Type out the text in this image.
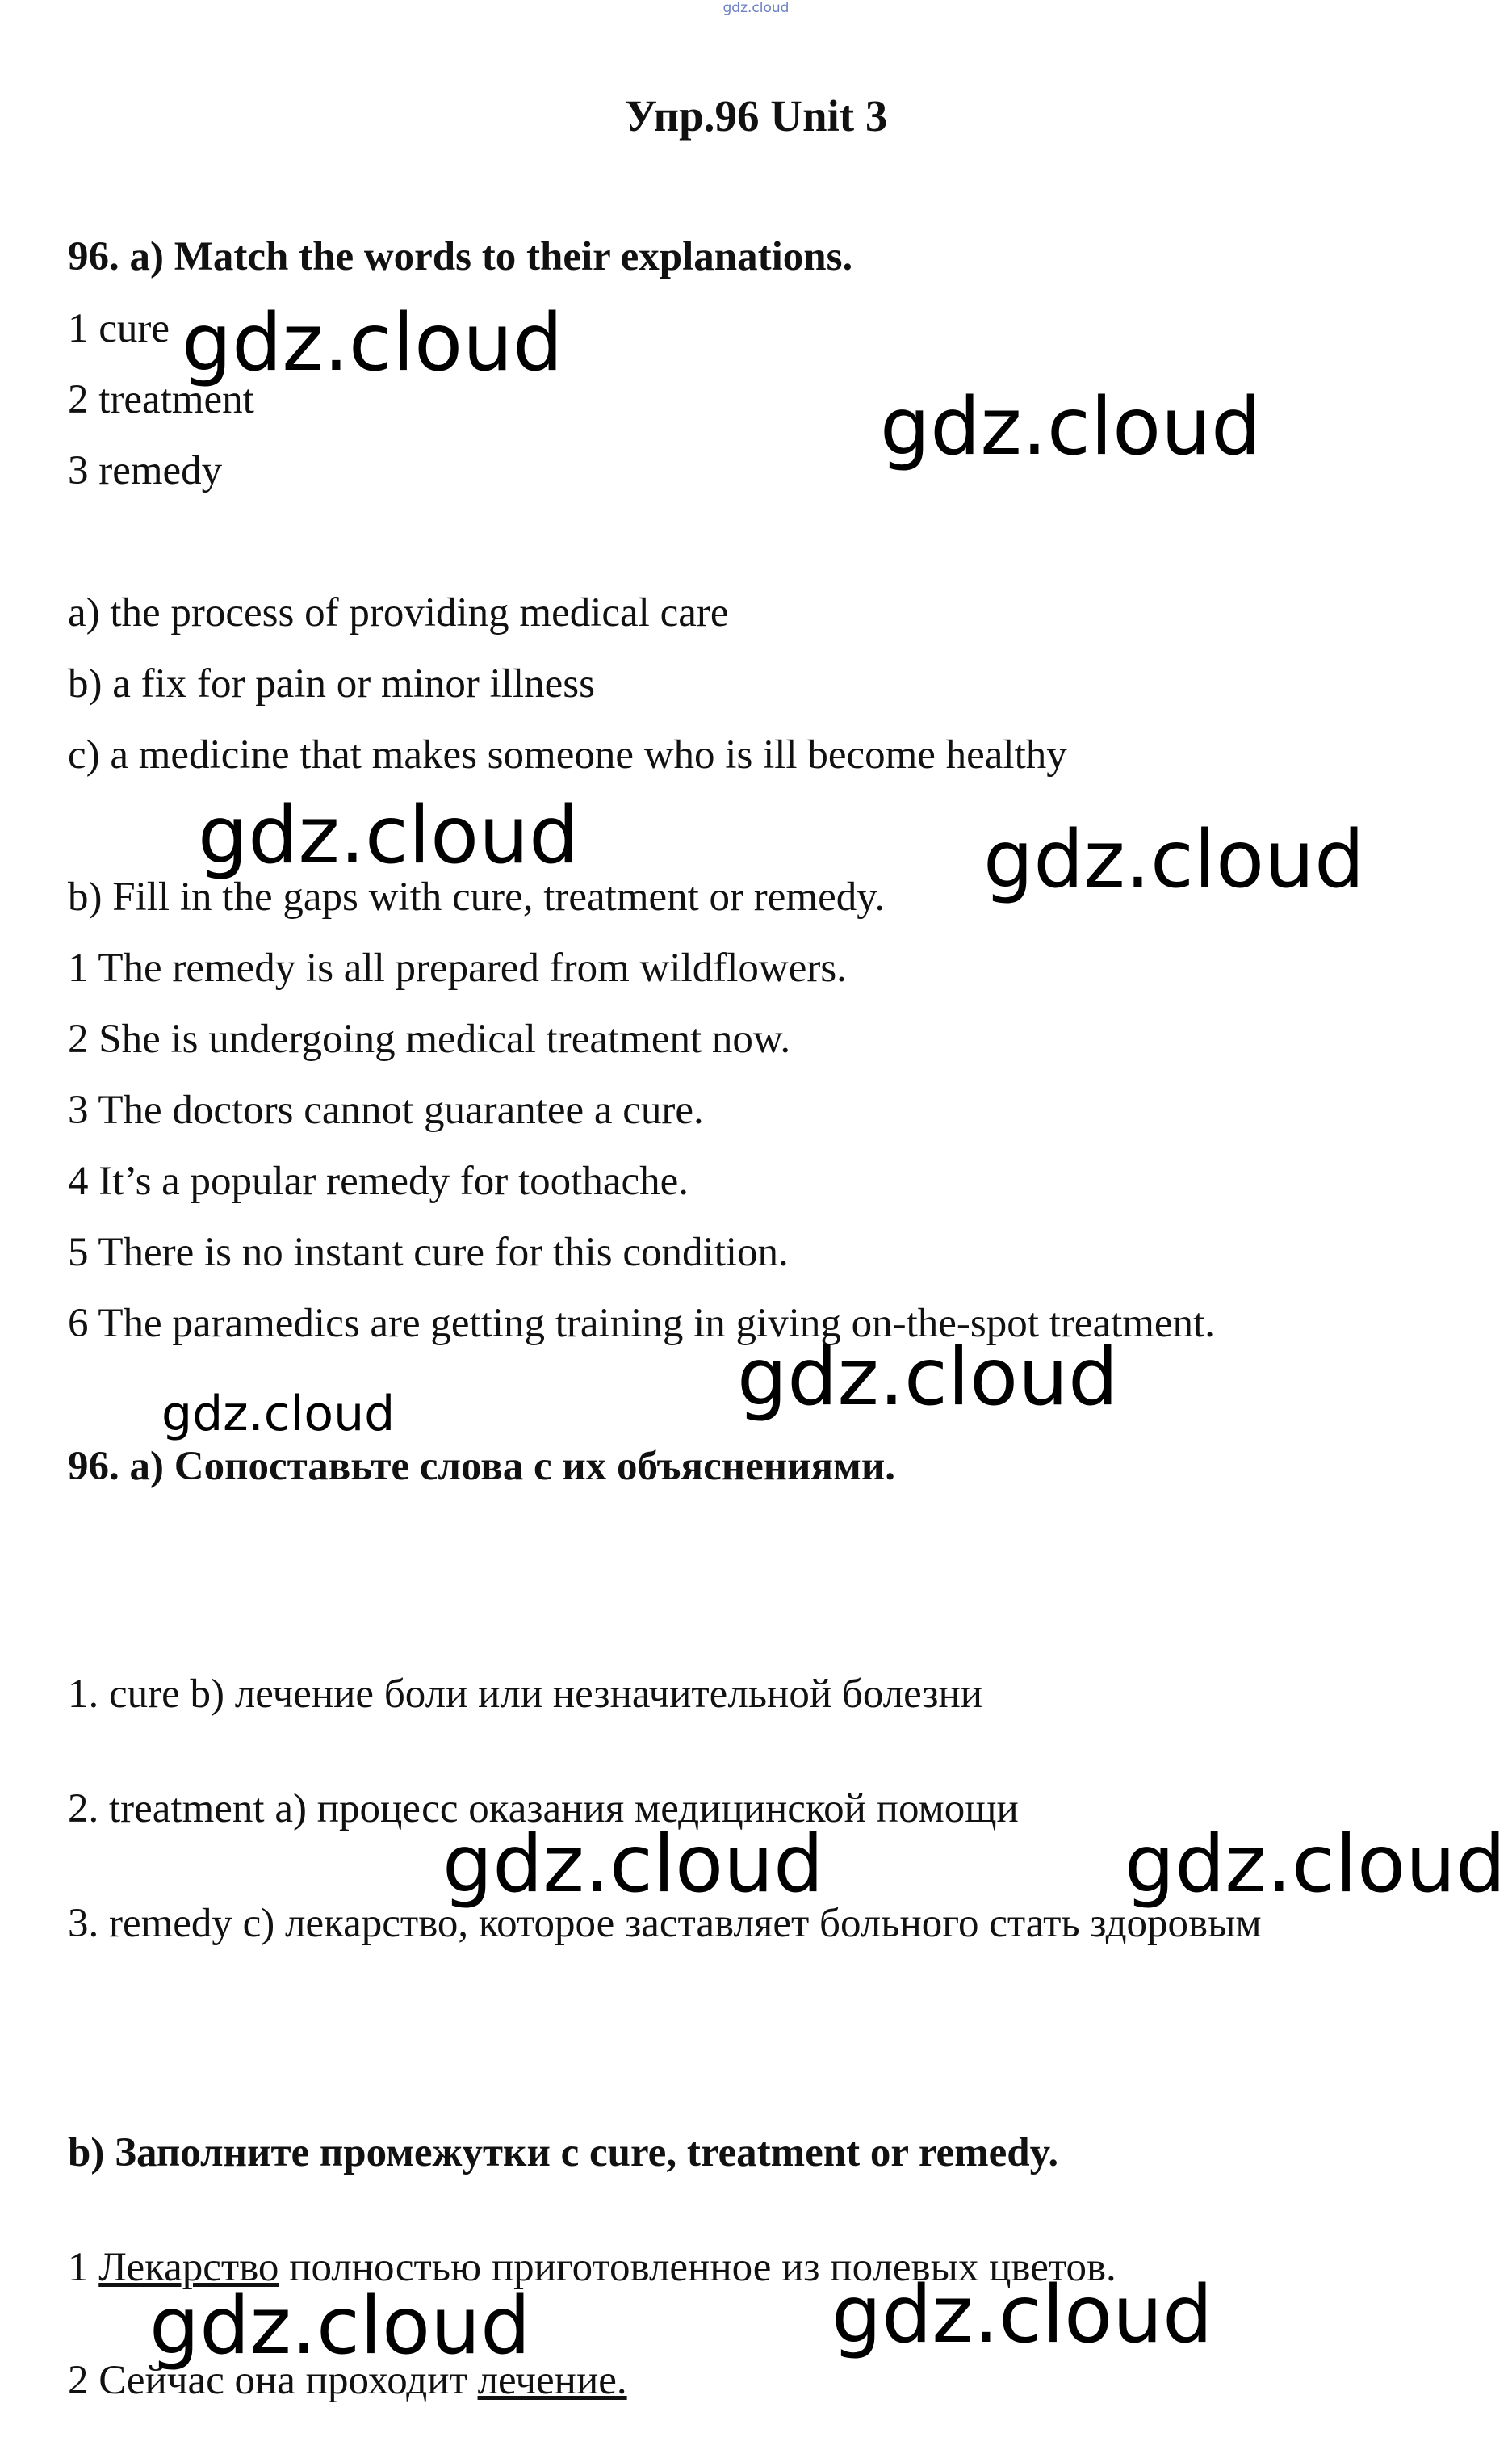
gdz.cloud
Упр.96 Unit 3
96. a) Match the words to their explanations.
1 cure
2 treatment
3 remedy
a) the process of providing medical care
b) a fix for pain or minor illness
c) a medicine that makes someone who is ill become healthy
b) Fill in the gaps with cure, treatment or remedy.
1 The remedy is all prepared from wildflowers.
2 She is undergoing medical treatment now.
3 The doctors cannot guarantee a cure.
4 It’s a popular remedy for toothache.
5 There is no instant cure for this condition.
6 The paramedics are getting training in giving on-the-spot treatment.
96. a) Сопоставьте слова с их объяснениями.
1. cure b) лечение боли или незначительной болезни
2. treatment a) процесс оказания медицинской помощи
3. remedy c) лекарство, которое заставляет больного стать здоровым
b) Заполните промежутки с cure, treatment or remedy.
1 Лекарство полностью приготовленное из полевых цветов.
2 Сейчас она проходит лечение.
gdz.cloud
gdz.cloud
gdz.cloud	gdz.cloud
gdz.cloud
gdz.cloud
gdz.cloud	gdz.cloud
gdz.cloud
gdz.cloud
